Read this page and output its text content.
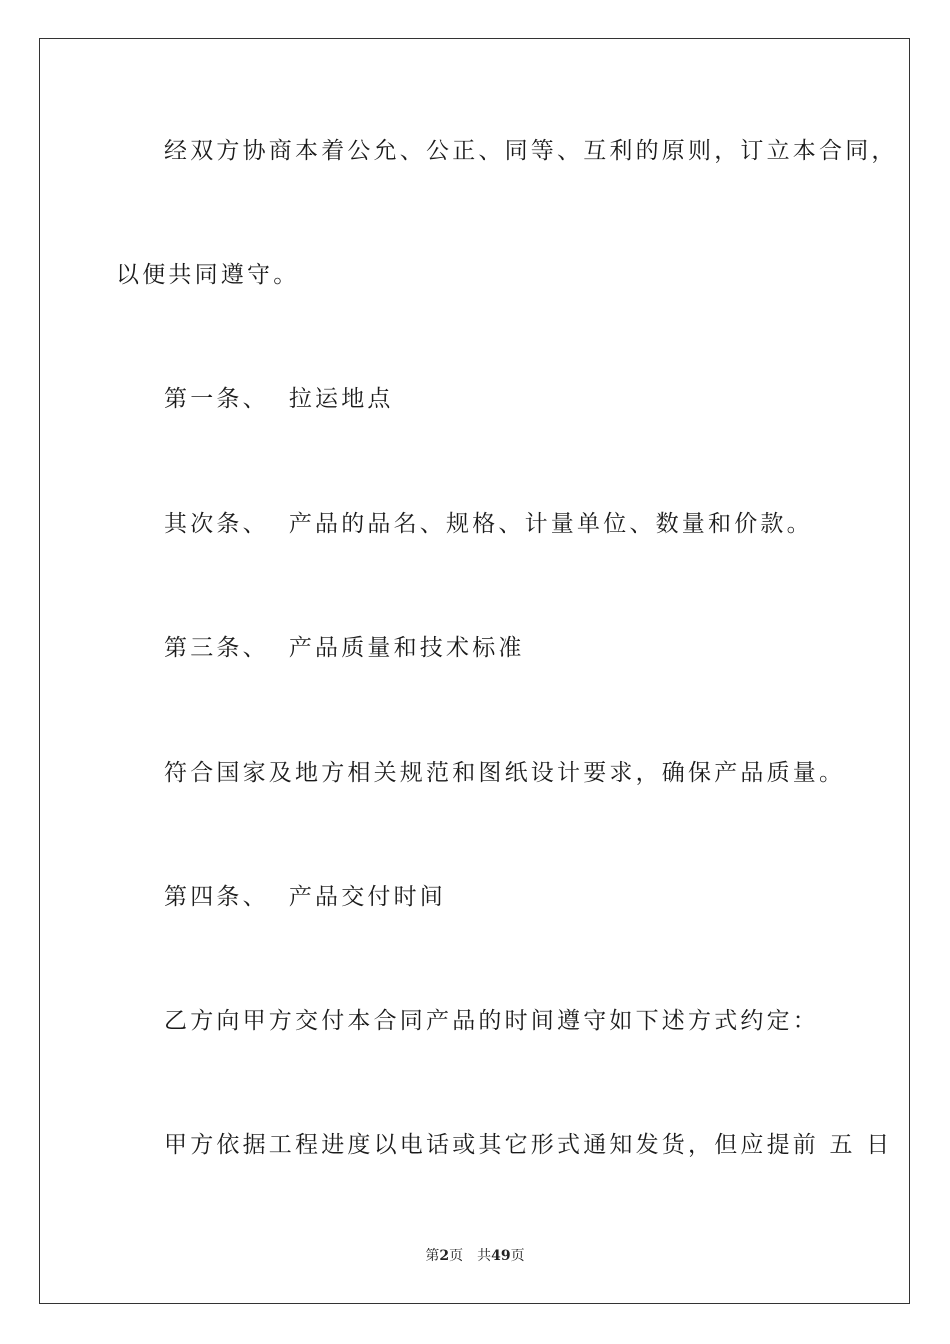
经双方协商本着公允、公正、同等、互利的原则，订立本合同，
以便共同遵守。
第一条、 拉运地点
其次条、 产品的品名、规格、计量单位、数量和价款。
第三条、 产品质量和技术标准
符合国家及地方相关规范和图纸设计要求，确保产品质量。
第四条、 产品交付时间
乙方向甲方交付本合同产品的时间遵守如下述方式约定：
甲方依据工程进度以电话或其它形式通知发货，但应提前 五 日
第2页 共49页
